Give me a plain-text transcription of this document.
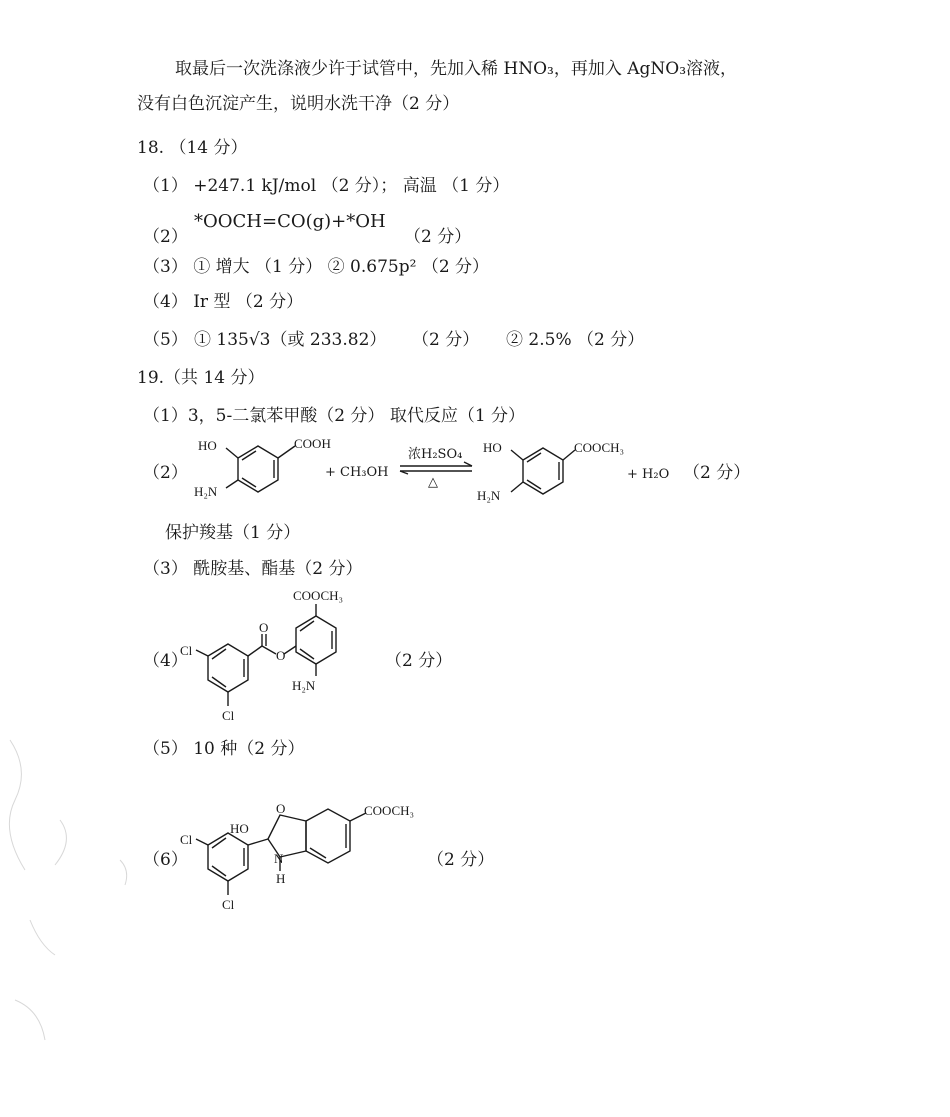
取最后一次洗涤液少许于试管中，先加入稀 HNO₃，再加入 AgNO₃溶液，
没有白色沉淀产生，说明水洗干净（2 分）
18. （14 分）
（1） +247.1 kJ/mol （2 分）； 高温 （1 分）
（2）
*OOCH=CO(g)+*OH
（2 分）
（3） ① 增大 （1 分） ② 0.675p² （2 分）
（4） Ir 型 （2 分）
（5） ① 135√3（或 233.82） （2 分） ② 2.5% （2 分）
19.（共 14 分）
（1）3，5-二氯苯甲酸（2 分） 取代反应（1 分）
（2）
HO	COOH
H₂N
+ CH₃OH
浓H₂SO₄
△
HO	COOCH₃
H₂N
+ H₂O （2 分）
保护羧基（1 分）
（3） 酰胺基、酯基（2 分）
（4）
Cl
Cl
O
O
COOCH₃
H₂N
（2 分）
（5） 10 种（2 分）
（6）
Cl
Cl
HO
O
N
H
COOCH₃
（2 分）
